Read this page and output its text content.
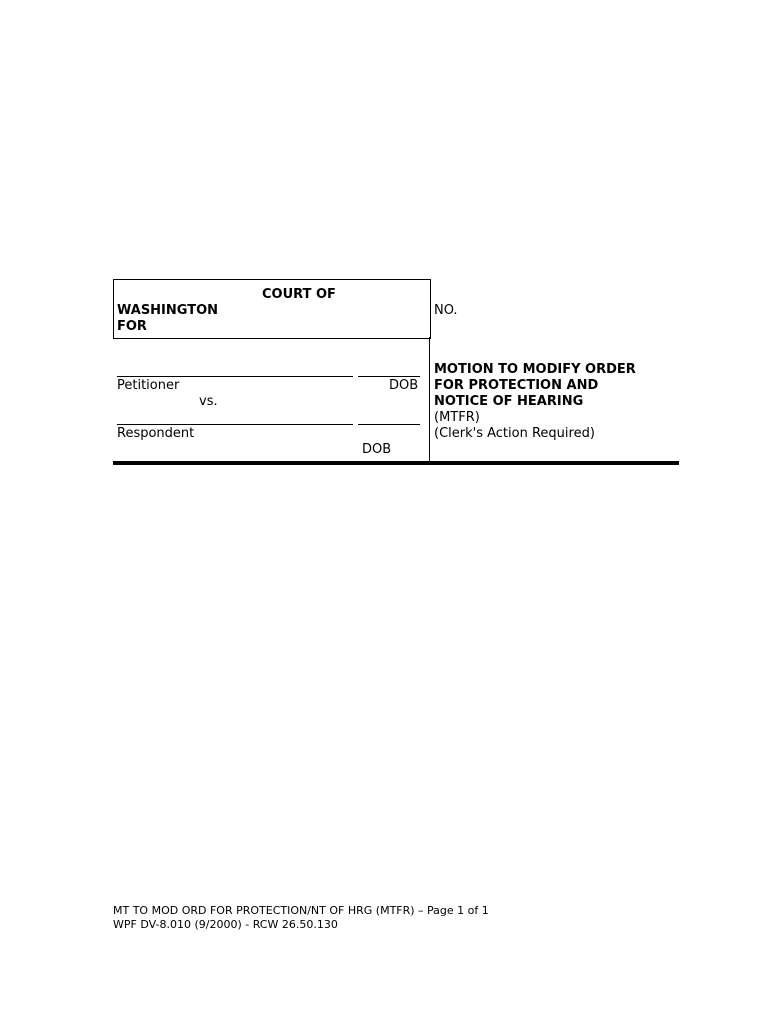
COURT OF
WASHINGTON
FOR
NO.
Petitioner	DOB
vs.
Respondent
DOB
MOTION TO MODIFY ORDER
FOR PROTECTION AND
NOTICE OF HEARING
(MTFR)
(Clerk's Action Required)
MT TO MOD ORD FOR PROTECTION/NT OF HRG (MTFR) – Page 1 of 1
WPF DV-8.010 (9/2000) - RCW 26.50.130
